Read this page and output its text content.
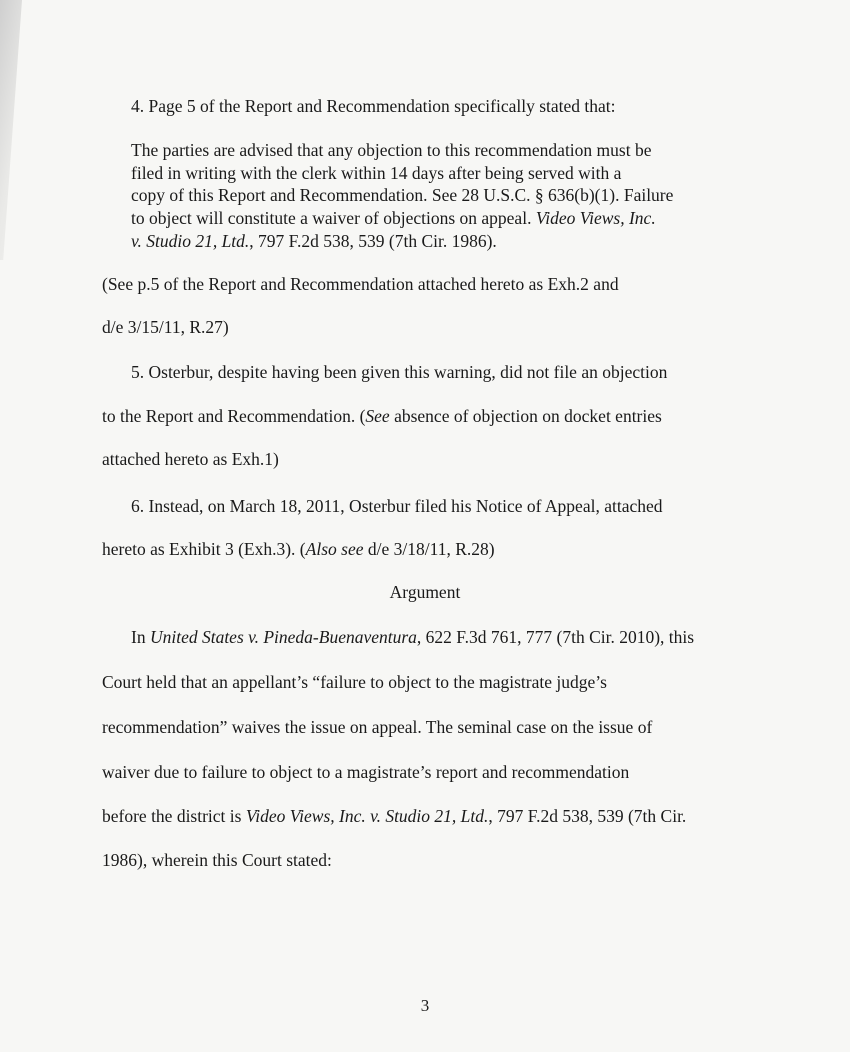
4. Page 5 of the Report and Recommendation specifically stated that:
The parties are advised that any objection to this recommendation must be
filed in writing with the clerk within 14 days after being served with a
copy of this Report and Recommendation. See 28 U.S.C. § 636(b)(1). Failure
to object will constitute a waiver of objections on appeal. Video Views, Inc.
v. Studio 21, Ltd., 797 F.2d 538, 539 (7th Cir. 1986).
(See p.5 of the Report and Recommendation attached hereto as Exh.2 and
d/e 3/15/11, R.27)
5. Osterbur, despite having been given this warning, did not file an objection
to the Report and Recommendation. (See absence of objection on docket entries
attached hereto as Exh.1)
6. Instead, on March 18, 2011, Osterbur filed his Notice of Appeal, attached
hereto as Exhibit 3 (Exh.3). (Also see d/e 3/18/11, R.28)
Argument
In United States v. Pineda-Buenaventura, 622 F.3d 761, 777 (7th Cir. 2010), this
Court held that an appellant’s “failure to object to the magistrate judge’s
recommendation” waives the issue on appeal. The seminal case on the issue of
waiver due to failure to object to a magistrate’s report and recommendation
before the district is Video Views, Inc. v. Studio 21, Ltd., 797 F.2d 538, 539 (7th Cir.
1986), wherein this Court stated:
3
